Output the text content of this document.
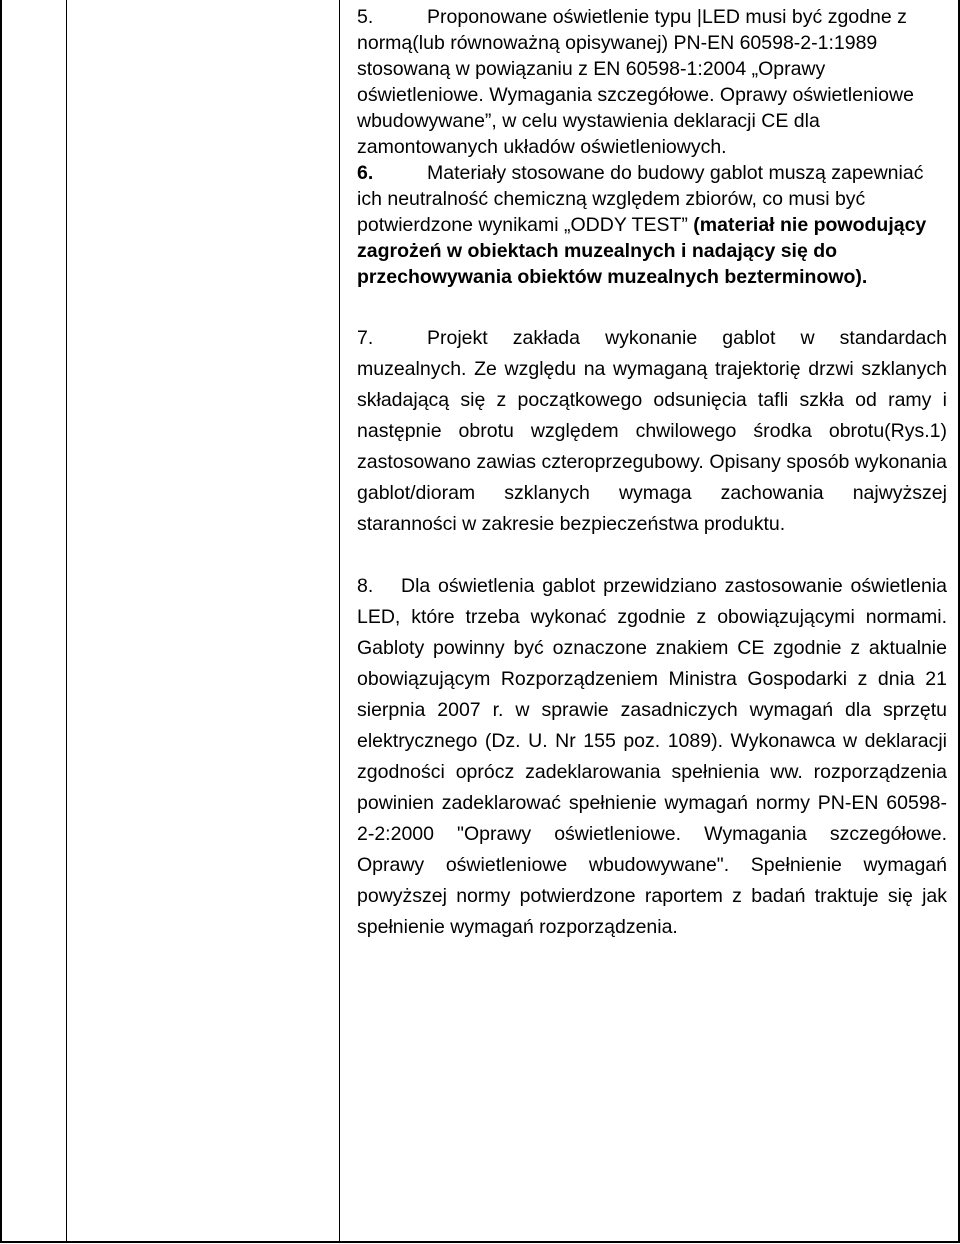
5.	Proponowane oświetlenie typu |LED musi być zgodne z normą(lub równoważną opisywanej) PN-EN 60598-2-1:1989 stosowaną w powiązaniu z EN 60598-1:2004 „Oprawy oświetleniowe. Wymagania szczegółowe. Oprawy oświetleniowe wbudowywane”, w celu wystawienia deklaracji CE dla zamontowanych układów oświetleniowych.

6.	Materiały stosowane do budowy gablot muszą zapewniać ich neutralność chemiczną względem zbiorów, co musi być potwierdzone wynikami „ODDY TEST” (materiał nie powodujący zagrożeń w obiektach muzealnych i nadający się do przechowywania obiektów muzealnych bezterminowo).

7.	Projekt zakłada wykonanie gablot w standardach muzealnych. Ze względu na wymaganą trajektorię drzwi szklanych składającą się z początkowego odsunięcia tafli szkła od ramy i następnie obrotu względem chwilowego środka obrotu(Rys.1) zastosowano zawias czteroprzegubowy. Opisany sposób wykonania gablot/dioram szklanych wymaga zachowania najwyższej staranności w zakresie bezpieczeństwa produktu.

8. Dla oświetlenia gablot przewidziano zastosowanie oświetlenia LED, które trzeba wykonać zgodnie z obowiązującymi normami. Gabloty powinny być oznaczone znakiem CE zgodnie z aktualnie obowiązującym Rozporządzeniem Ministra Gospodarki z dnia 21 sierpnia 2007 r. w sprawie zasadniczych wymagań dla sprzętu elektrycznego (Dz. U. Nr 155 poz. 1089). Wykonawca w deklaracji zgodności oprócz zadeklarowania spełnienia ww. rozporządzenia powinien zadeklarować spełnienie wymagań normy PN-EN 60598-2-2:2000 "Oprawy oświetleniowe. Wymagania szczegółowe. Oprawy oświetleniowe wbudowywane". Spełnienie wymagań powyższej normy potwierdzone raportem z badań traktuje się jak spełnienie wymagań rozporządzenia.
